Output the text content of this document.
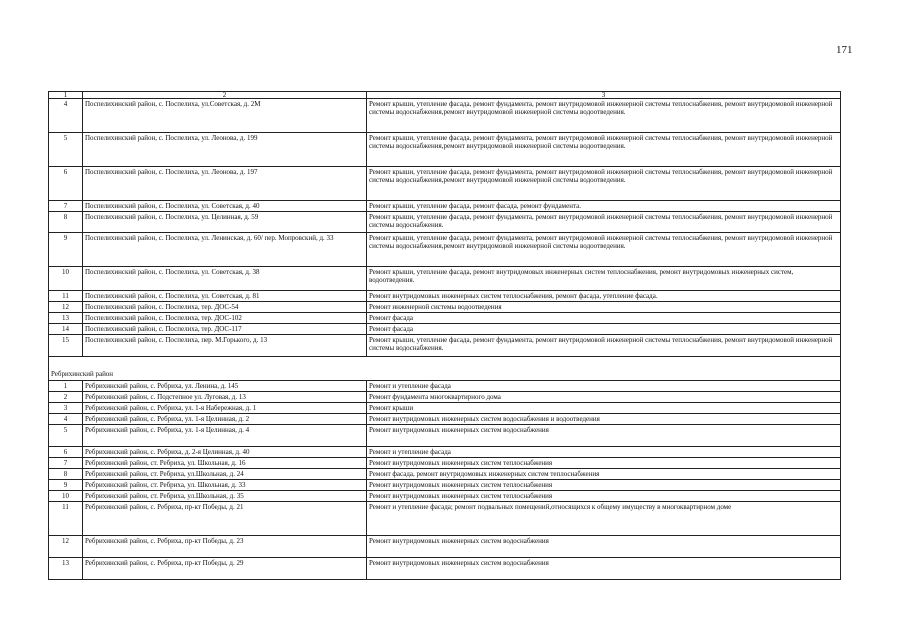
171
1	2	3
4	Поспелихинский район, с. Поспелиха, ул.Советская, д. 2М	Ремонт крыши, утепление фасада, ремонт фундамента, ремонт внутридомовой инженерной системы теплоснабжения, ремонт внутридомовой инженерной системы водоснабжения,ремонт внутридомовой инженерной системы водоотведения.
5	Поспелихинский район, с. Поспелиха, ул. Леонова, д. 199	Ремонт крыши, утепление фасада, ремонт фундамента, ремонт внутридомовой инженерной системы теплоснабжения, ремонт внутридомовой инженерной системы водоснабжения,ремонт внутридомовой инженерной системы водоотведения.
6	Поспелихинский район, с. Поспелиха, ул. Леонова, д. 197	Ремонт крыши, утепление фасада, ремонт фундамента, ремонт внутридомовой инженерной системы теплоснабжения, ремонт внутридомовой инженерной системы водоснабжения,ремонт внутридомовой инженерной системы водоотведения.
7	Поспелихинский район, с. Поспелиха, ул. Советская, д. 40	Ремонт крыши, утепление фасада, ремонт фасада, ремонт фундамента.
8	Поспелихинский район, с. Поспелиха, ул. Целинная, д. 59	Ремонт крыши, утепление фасада, ремонт фундамента, ремонт внутридомовой инженерной системы теплоснабжения, ремонт внутридомовой инженерной системы водоснабжения.
9	Поспелихинский район, с. Поспелиха, ул. Ленинская, д. 60/ пер. Мопровский, д. 33	Ремонт крыши, утепление фасада, ремонт фундамента, ремонт внутридомовой инженерной системы теплоснабжения, ремонт внутридомовой инженерной системы водоснабжения,ремонт внутридомовой инженерной системы водоотведения.
10	Поспелихинский район, с. Поспелиха, ул. Советская, д. 38	Ремонт крыши, утепление фасада, ремонт внутридомовых инженерных систем теплоснабжения, ремонт внутридомовых инженерных систем, водоотведения.
11	Поспелихинский район, с. Поспелиха, ул. Советская, д. 81	Ремонт внутридомовых инженерных систем теплоснабжения, ремонт фасада, утепление фасада.
12	Поспелихинский район, с. Поспелиха, тер. ДОС-54	Ремонт инженерной системы водоотведения
13	Поспелихинский район, с. Поспелиха, тер. ДОС-102	Ремонт фасада
14	Поспелихинский район, с. Поспелиха, тер. ДОС-117	Ремонт фасада
15	Поспелихинский район, с. Поспелиха, пер. М.Горького, д. 13	Ремонт крыши, утепление фасада, ремонт фундамента, ремонт внутридомовой инженерной системы теплоснабжения, ремонт внутридомовой инженерной системы водоснабжения.
Ребрихинский район		
1	Ребрихинский район, с. Ребриха, ул. Ленина, д. 145	Ремонт и утепление фасада
2	Ребрихинский район, с. Подстепное ул. Луговая, д. 13	Ремонт фундамента многоквартирного дома
3	Ребрихинский район, с. Ребриха, ул. 1-я Набережная, д. 1	Ремонт крыши
4	Ребрихинский район, с. Ребриха, ул. 1-я Целинная, д. 2	Ремонт внутридомовых инженерных систем водоснабжения и водоотведения
5	Ребрихинский район, с. Ребриха, ул. 1-я Целинная, д. 4	Ремонт внутридомовых инженерных систем водоснабжения
6	Ребрихинский район, с. Ребриха, д. 2-я Целинная, д. 40	Ремонт и утепление фасада
7	Ребрихинский район, ст. Ребриха, ул. Школьная, д. 16	Ремонт внутридомовых инженерных систем теплоснабжения
8	Ребрихинский район, ст. Ребриха, ул.Школьная, д. 24	Ремонт фасада, ремонт внутридомовых инженерных систем теплоснабжения
9	Ребрихинский район, ст. Ребриха, ул. Школьная, д. 33	Ремонт внутридомовых инженерных систем теплоснабжения
10	Ребрихинский район, ст. Ребриха, ул.Школьная, д. 35	Ремонт внутридомовых инженерных систем теплоснабжения
11	Ребрихинский район, с. Ребриха, пр-кт Победы, д. 21	Ремонт и утепление фасада; ремонт подвальных помещений,относящихся к общему имуществу в многоквартирном доме
12	Ребрихинский район, с. Ребриха, пр-кт Победы, д. 23	Ремонт внутридомовых инженерных систем водоснабжения
13	Ребрихинский район, с. Ребриха, пр-кт Победы, д. 29	Ремонт внутридомовых инженерных систем водоснабжения
